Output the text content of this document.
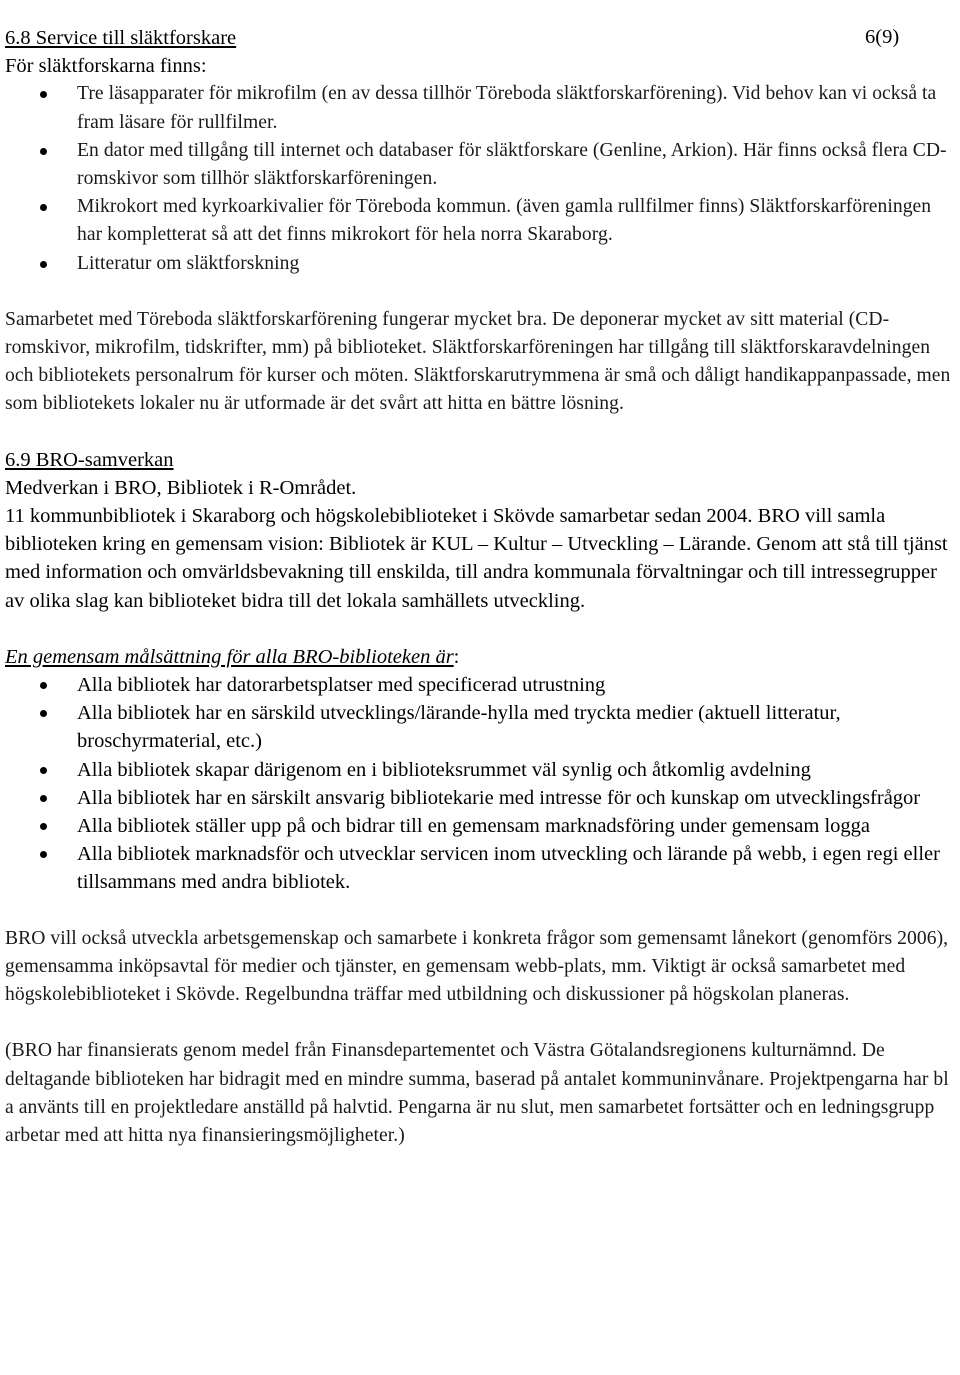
6(9)

6.8 Service till släktforskare

För släktforskarna finns:

Tre läsapparater för mikrofilm (en av dessa tillhör Töreboda släktforskarförening). Vid behov kan vi också ta fram läsare för rullfilmer.
En dator med tillgång till internet och databaser för släktforskare (Genline, Arkion). Här finns också flera CD-romskivor som tillhör släktforskarföreningen.
Mikrokort med kyrkoarkivalier för Töreboda kommun. (även gamla rullfilmer finns) Släktforskarföreningen har kompletterat så att det finns mikrokort för hela norra Skaraborg.
Litteratur om släktforskning

Samarbetet med Töreboda släktforskarförening fungerar mycket bra. De deponerar mycket av sitt material (CD-romskivor, mikrofilm, tidskrifter, mm) på biblioteket. Släktforskarföreningen har tillgång till släktforskaravdelningen och bibliotekets personalrum för kurser och möten. Släktforskarutrymmena är små och dåligt handikappanpassade, men som bibliotekets lokaler nu är utformade är det svårt att hitta en bättre lösning.

6.9 BRO-samverkan

Medverkan i BRO, Bibliotek i R-Området.

11 kommunbibliotek i Skaraborg och högskolebiblioteket i Skövde samarbetar sedan 2004. BRO vill samla biblioteken kring en gemensam vision: Bibliotek är KUL – Kultur – Utveckling – Lärande. Genom att stå till tjänst med information och omvärldsbevakning till enskilda, till andra kommunala förvaltningar och till intressegrupper av olika slag kan biblioteket bidra till det lokala samhällets utveckling.

En gemensam målsättning för alla BRO-biblioteken är:

Alla bibliotek har datorarbetsplatser med specificerad utrustning
Alla bibliotek har en särskild utvecklings/lärande-hylla med tryckta medier (aktuell litteratur, broschyrmaterial, etc.)
Alla bibliotek skapar därigenom en i biblioteksrummet väl synlig och åtkomlig avdelning
Alla bibliotek har en särskilt ansvarig bibliotekarie med intresse för och kunskap om utvecklingsfrågor
Alla bibliotek ställer upp på och bidrar till en gemensam marknadsföring under gemensam logga
Alla bibliotek marknadsför och utvecklar servicen inom utveckling och lärande på webb, i egen regi eller tillsammans med andra bibliotek.

BRO vill också utveckla arbetsgemenskap och samarbete i konkreta frågor som gemensamt lånekort (genomförs 2006), gemensamma inköpsavtal för medier och tjänster, en gemensam webb-plats, mm. Viktigt är också samarbetet med högskolebiblioteket i Skövde. Regelbundna träffar med utbildning och diskussioner på högskolan planeras.

(BRO har finansierats genom medel från Finansdepartementet och Västra Götalandsregionens kulturnämnd. De deltagande biblioteken har bidragit med en mindre summa, baserad på antalet kommuninvånare. Projektpengarna har bl a använts till en projektledare anställd på halvtid. Pengarna är nu slut, men samarbetet fortsätter och en ledningsgrupp arbetar med att hitta nya finansieringsmöjligheter.)
